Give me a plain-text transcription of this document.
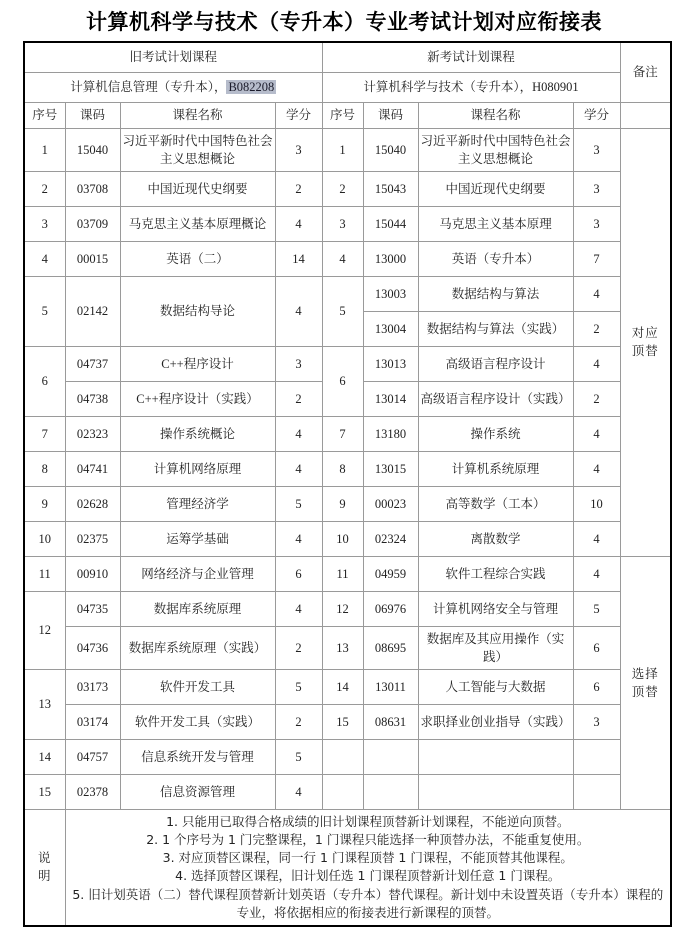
计算机科学与技术（专升本）专业考试计划对应衔接表
旧考试计划课程				新考试计划课程				备注
计算机信息管理（专升本）， B082208				计算机科学与技术（专升本），H080901				
序号	课码	课程名称	学分	序号	课码	课程名称	学分	
1	15040	习近平新时代中国特色社会主义思想概论	3	1	15040	习近平新时代中国特色社会主义思想概论	3	对应
顶替

2	03708	中国近现代史纲要	2	2	15043	中国近现代史纲要	3	
3	03709	马克思主义基本原理概论	4	3	15044	马克思主义基本原理	3	
4	00015	英语（二）	14	4	13000	英语（专升本）	7	
5	02142	数据结构导论	4	5	13003	数据结构与算法	4	
					13004	数据结构与算法（实践）	2	
6	04737	C++程序设计	3	6	13013	高级语言程序设计	4	
	04738	C++程序设计（实践）	2		13014	高级语言程序设计（实践）	2	
7	02323	操作系统概论	4	7	13180	操作系统	4	
8	04741	计算机网络原理	4	8	13015	计算机系统原理	4	
9	02628	管理经济学	5	9	00023	高等数学（工本）	10	
10	02375	运筹学基础	4	10	02324	离散数学	4	
11	00910	网络经济与企业管理	6	11	04959	软件工程综合实践	4	选择
顶替

12	04735	数据库系统原理	4	12	06976	计算机网络安全与管理	5	
	04736	数据库系统原理（实践）	2	13	08695	数据库及其应用操作（实践）	6	
13	03173	软件开发工具	5	14	13011	人工智能与大数据	6	
	03174	软件开发工具（实践）	2	15	08631	求职择业创业指导（实践）	3	
14	04757	信息系统开发与管理	5					
15	02378	信息资源管理	4					

说
明

1. 只能用已取得合格成绩的旧计划课程顶替新计划课程，不能逆向顶替。

2. 1 个序号为 1 门完整课程，1 门课程只能选择一种顶替办法，不能重复使用。

3. 对应顶替区课程，同一行 1 门课程顶替 1 门课程，不能顶替其他课程。

4. 选择顶替区课程，旧计划任选 1 门课程顶替新计划任意 1 门课程。

5. 旧计划英语（二）替代课程顶替新计划英语（专升本）替代课程。新计划中未设置英语（专升本）课程的专业，将依据相应的衔接表进行新课程的顶替。
